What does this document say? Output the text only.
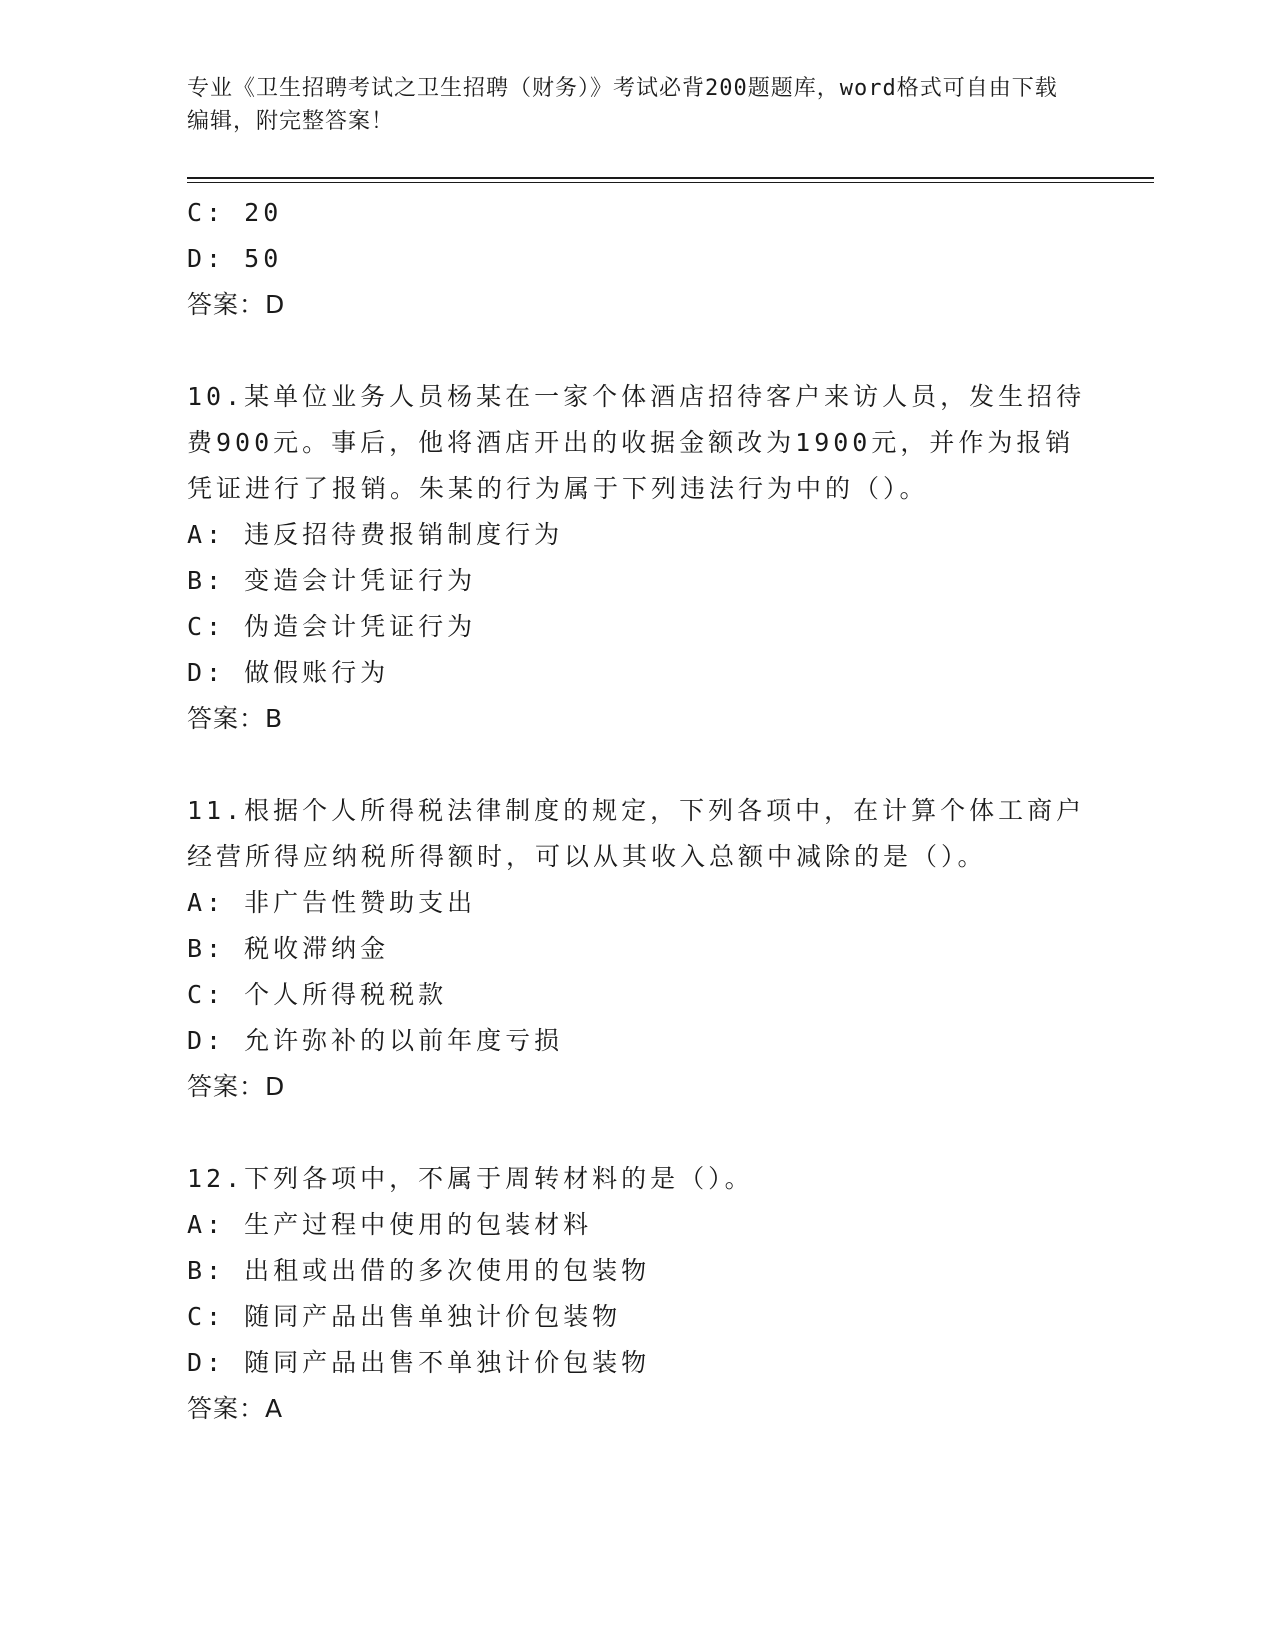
专业《卫生招聘考试之卫生招聘（财务）》考试必背200题题库，word格式可自由下载编辑，附完整答案！
C: 20
D: 50
答案：D
10.某单位业务人员杨某在一家个体酒店招待客户来访人员，发生招待费900元。事后，他将酒店开出的收据金额改为1900元，并作为报销凭证进行了报销。朱某的行为属于下列违法行为中的（）。
A: 违反招待费报销制度行为
B: 变造会计凭证行为
C: 伪造会计凭证行为
D: 做假账行为
答案：B
11.根据个人所得税法律制度的规定，下列各项中，在计算个体工商户经营所得应纳税所得额时，可以从其收入总额中减除的是（）。
A: 非广告性赞助支出
B: 税收滞纳金
C: 个人所得税税款
D: 允许弥补的以前年度亏损
答案：D
12.下列各项中，不属于周转材料的是（）。
A: 生产过程中使用的包装材料
B: 出租或出借的多次使用的包装物
C: 随同产品出售单独计价包装物
D: 随同产品出售不单独计价包装物
答案：A
